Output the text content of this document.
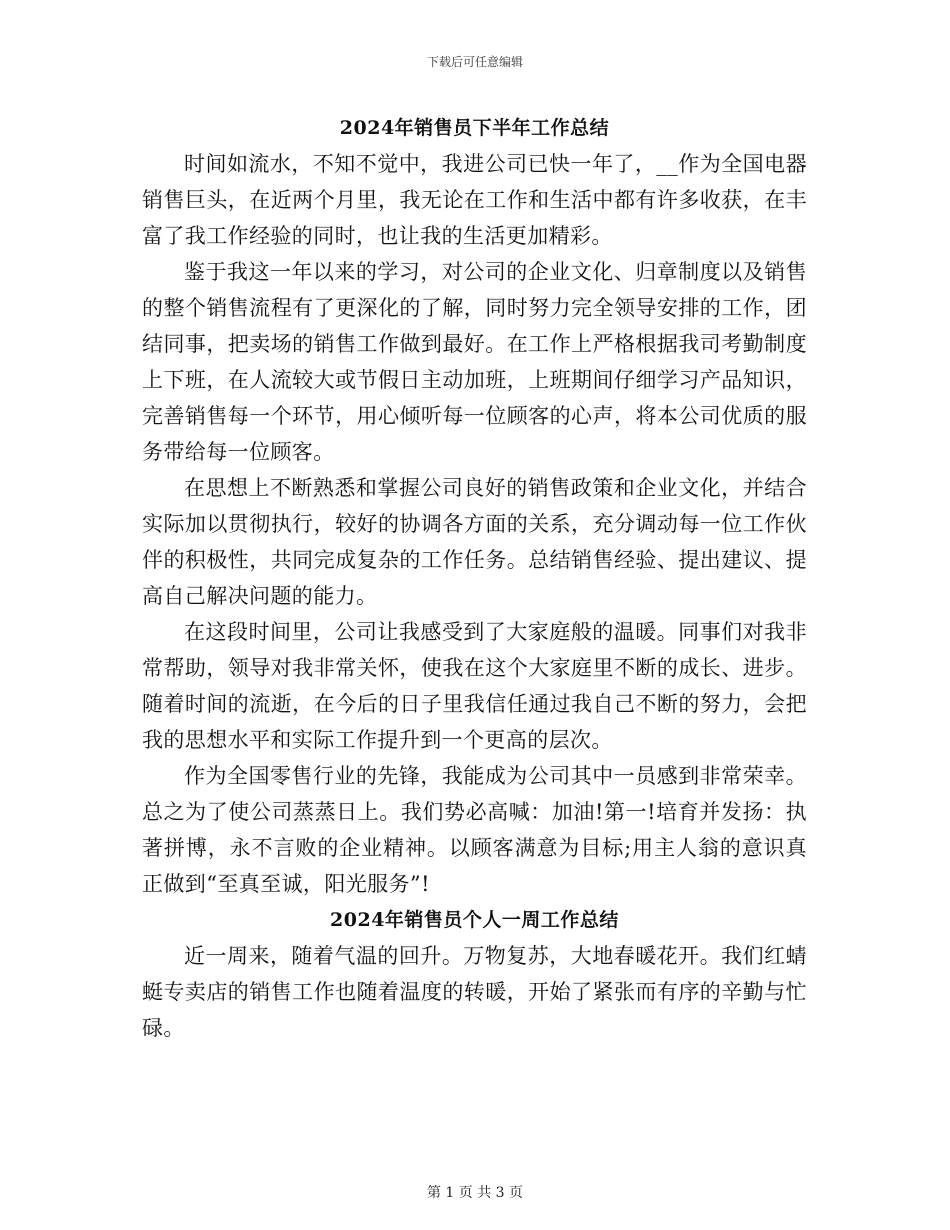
下载后可任意编辑
2024年销售员下半年工作总结

时间如流水，不知不觉中，我进公司已快一年了，__作为全国电器销售巨头，在近两个月里，我无论在工作和生活中都有许多收获，在丰富了我工作经验的同时，也让我的生活更加精彩。

鉴于我这一年以来的学习，对公司的企业文化、归章制度以及销售的整个销售流程有了更深化的了解，同时努力完全领导安排的工作，团结同事，把卖场的销售工作做到最好。在工作上严格根据我司考勤制度上下班，在人流较大或节假日主动加班，上班期间仔细学习产品知识，完善销售每一个环节，用心倾听每一位顾客的心声，将本公司优质的服务带给每一位顾客。

在思想上不断熟悉和掌握公司良好的销售政策和企业文化，并结合实际加以贯彻执行，较好的协调各方面的关系，充分调动每一位工作伙伴的积极性，共同完成复杂的工作任务。总结销售经验、提出建议、提高自己解决问题的能力。

在这段时间里，公司让我感受到了大家庭般的温暖。同事们对我非常帮助，领导对我非常关怀，使我在这个大家庭里不断的成长、进步。随着时间的流逝，在今后的日子里我信任通过我自己不断的努力，会把我的思想水平和实际工作提升到一个更高的层次。

作为全国零售行业的先锋，我能成为公司其中一员感到非常荣幸。总之为了使公司蒸蒸日上。我们势必高喊：加油!第一!培育并发扬：执著拼博，永不言败的企业精神。以顾客满意为目标;用主人翁的意识真正做到“至真至诚，阳光服务”!

2024年销售员个人一周工作总结

近一周来，随着气温的回升。万物复苏，大地春暖花开。我们红蜻蜓专卖店的销售工作也随着温度的转暖，开始了紧张而有序的辛勤与忙碌。

第 1 页 共 3 页
